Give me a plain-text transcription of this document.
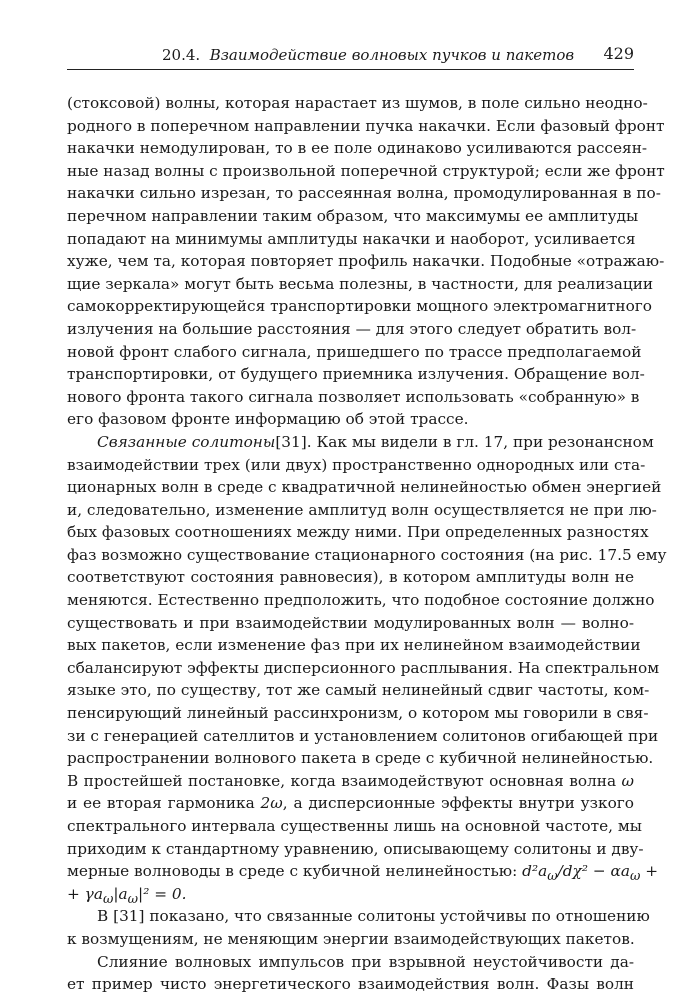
20.4. Взаимодействие волновых пучков и пакетов 429
(стоксовой) волны, которая нарастает из шумов, в поле сильно неодно-
родного в поперечном направлении пучка накачки. Если фазовый фронт
накачки немодулирован, то в ее поле одинаково усиливаются рассеян-
ные назад волны с произвольной поперечной структурой; если же фронт
накачки сильно изрезан, то рассеянная волна, промодулированная в по-
перечном направлении таким образом, что максимумы ее амплитуды
попадают на минимумы амплитуды накачки и наоборот, усиливается
хуже, чем та, которая повторяет профиль накачки. Подобные «отражаю-
щие зеркала» могут быть весьма полезны, в частности, для реализации
самокорректирующейся транспортировки мощного электромагнитного
излучения на большие расстояния — для этого следует обратить вол-
новой фронт слабого сигнала, пришедшего по трассе предполагаемой
транспортировки, от будущего приемника излучения. Обращение вол-
нового фронта такого сигнала позволяет использовать «собранную» в
его фазовом фронте информацию об этой трассе.
Связанные солитоны[31]. Как мы видели в гл. 17, при резонансном
взаимодействии трех (или двух) пространственно однородных или ста-
ционарных волн в среде с квадратичной нелинейностью обмен энергией
и, следовательно, изменение амплитуд волн осуществляется не при лю-
бых фазовых соотношениях между ними. При определенных разностях
фаз возможно существование стационарного состояния (на рис. 17.5 ему
соответствуют состояния равновесия), в котором амплитуды волн не
меняются. Естественно предположить, что подобное состояние должно
существовать и при взаимодействии модулированных волн — волно-
вых пакетов, если изменение фаз при их нелинейном взаимодействии
сбалансируют эффекты дисперсионного расплывания. На спектральном
языке это, по существу, тот же самый нелинейный сдвиг частоты, ком-
пенсирующий линейный рассинхронизм, о котором мы говорили в свя-
зи с генерацией сателлитов и установлением солитонов огибающей при
распространении волнового пакета в среде с кубичной нелинейностью.
В простейшей постановке, когда взаимодействуют основная волна ω
и ее вторая гармоника 2ω, а дисперсионные эффекты внутри узкого
спектрального интервала существенны лишь на основной частоте, мы
приходим к стандартному уравнению, описывающему солитоны и дву-
мерные волноводы в среде с кубичной нелинейностью: $d^2a_\omega$/dχ² − $\alpha a_\omega$ +
+ $\gamma a_\omega|a_\omega|^2 = 0$.
В [31] показано, что связанные солитоны устойчивы по отношению
к возмущениям, не меняющим энергии взаимодействующих пакетов.
Слияние волновых импульсов при взрывной неустойчивости да-
ет пример чисто энергетического взаимодействия волн. Фазы волн
